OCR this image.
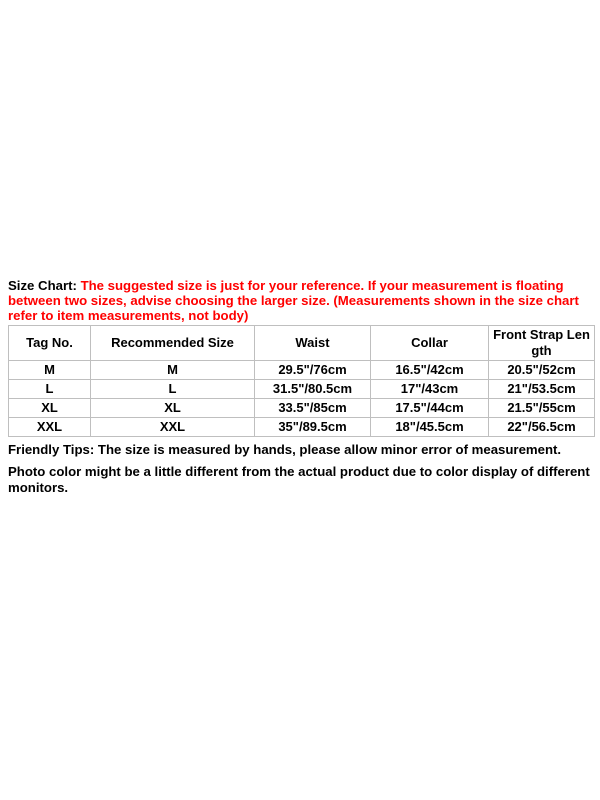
Size Chart: The suggested size is just for your reference. If your measurement is floating between two sizes, advise choosing the larger size. (Measurements shown in the size chart refer to item measurements, not body)

Tag No.	Recommended Size	Waist	Collar	Front Strap Len gth
M	M	29.5"/76cm	16.5"/42cm	20.5"/52cm
L	L	31.5"/80.5cm	17"/43cm	21"/53.5cm
XL	XL	33.5"/85cm	17.5"/44cm	21.5"/55cm
XXL	XXL	35"/89.5cm	18"/45.5cm	22"/56.5cm

Friendly Tips: The size is measured by hands, please allow minor error of measurement.

Photo color might be a little different from the actual product due to color display of different monitors.
